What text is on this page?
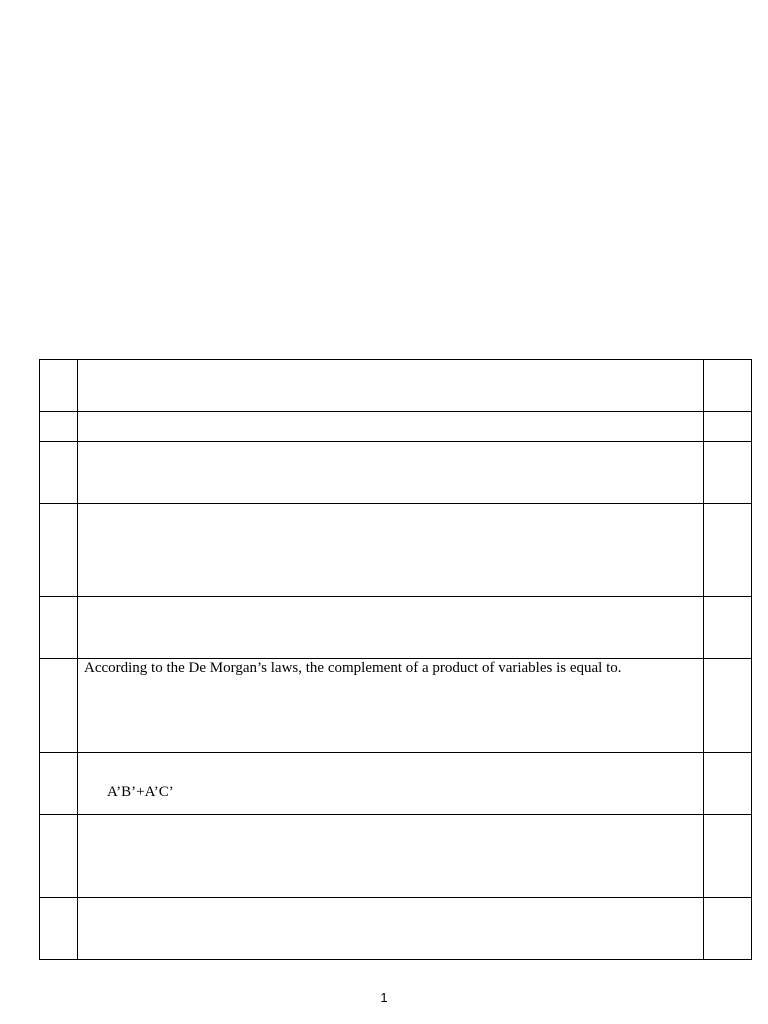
	According to the De Morgan’s laws, the complement of a product of variables is equal to.	

	A’B’+A’C’	

1
